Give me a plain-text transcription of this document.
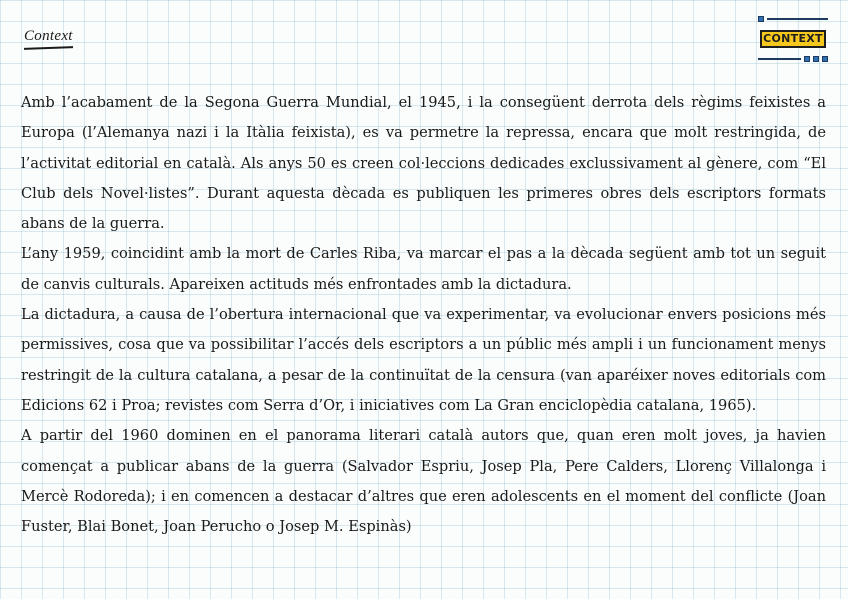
Context	CONTEXT

Amb l’acabament de la Segona Guerra Mundial, el 1945, i la consegüent derrota dels règims feixistes a Europa (l’Alemanya nazi i la Itàlia feixista), es va permetre la repressa, encara que molt restringida, de l’activitat editorial en català. Als anys 50 es creen col·leccions dedicades exclussivament al gènere, com “El Club dels Novel·listes”. Durant aquesta dècada es publiquen les primeres obres dels escriptors formats abans de la guerra.

L’any 1959, coincidint amb la mort de Carles Riba, va marcar el pas a la dècada següent amb tot un seguit de canvis culturals. Apareixen actituds més enfrontades amb la dictadura.

La dictadura, a causa de l’obertura internacional que va experimentar, va evolucionar envers posicions més permissives, cosa que va possibilitar l’accés dels escriptors a un públic més ampli i un funcionament menys restringit de la cultura catalana, a pesar de la continuïtat de la censura (van aparéixer noves editorials com Edicions 62 i Proa; revistes com Serra d’Or, i iniciatives com La Gran enciclopèdia catalana, 1965).

A partir del 1960 dominen en el panorama literari català autors que, quan eren molt joves, ja havien començat a publicar abans de la guerra (Salvador Espriu, Josep Pla, Pere Calders, Llorenç Villalonga i Mercè Rodoreda); i en comencen a destacar d’altres que eren adolescents en el moment del conflicte (Joan Fuster, Blai Bonet, Joan Perucho o Josep M. Espinàs)
